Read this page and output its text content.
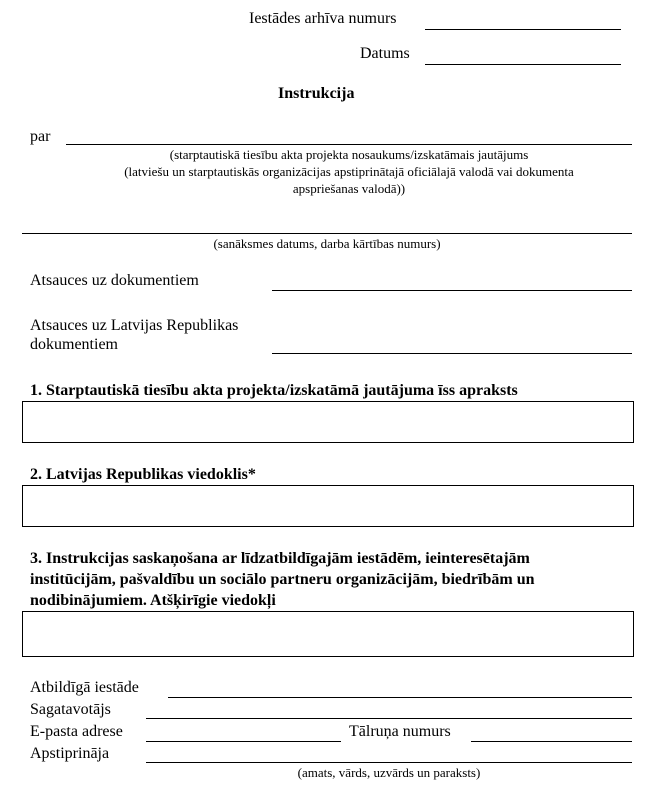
Iestādes arhīva numurs
Datums
Instrukcija
par
(starptautiskā tiesību akta projekta nosaukums/izskatāmais jautājums
(latviešu un starptautiskās organizācijas apstiprinātajā oficiālajā valodā vai dokumenta
apspriešanas valodā))
(sanāksmes datums, darba kārtības numurs)
Atsauces uz dokumentiem
Atsauces uz Latvijas Republikas
dokumentiem
1. Starptautiskā tiesību akta projekta/izskatāmā jautājuma īss apraksts
2. Latvijas Republikas viedoklis*
3. Instrukcijas saskaņošana ar līdzatbildīgajām iestādēm, ieinteresētajām
institūcijām, pašvaldību un sociālo partneru organizācijām, biedrībām un
nodibinājumiem. Atšķirīgie viedokļi
Atbildīgā iestāde
Sagatavotājs
E-pasta adrese	Tālruņa numurs
Apstiprināja
(amats, vārds, uzvārds un paraksts)
